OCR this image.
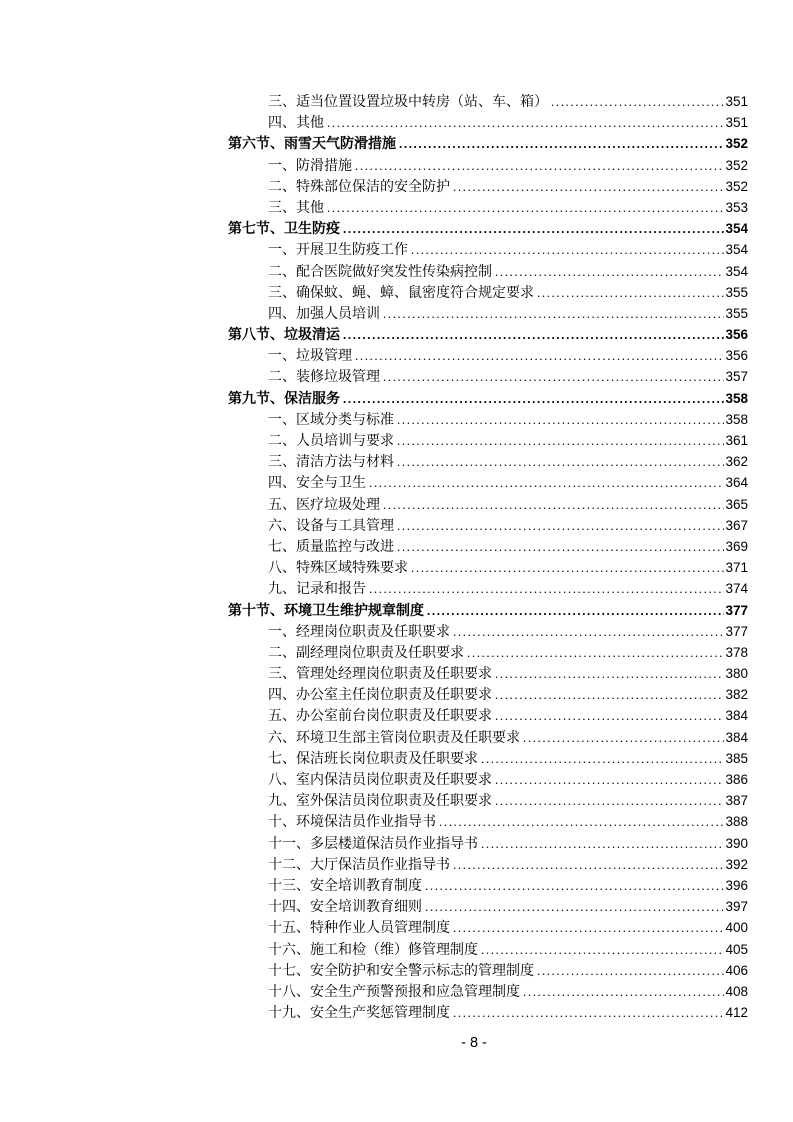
三、适当位置设置垃圾中转房（站、车、箱） .....	351
四、其他 .....	351
第六节、雨雪天气防滑措施 .....	352
一、防滑措施 .....	352
二、特殊部位保洁的安全防护 .....	352
三、其他 .....	353
第七节、卫生防疫 .....	354
一、开展卫生防疫工作 .....	354
二、配合医院做好突发性传染病控制 .....	354
三、确保蚊、蝇、蟑、鼠密度符合规定要求 .....	355
四、加强人员培训 .....	355
第八节、垃圾清运 .....	356
一、垃圾管理 .....	356
二、装修垃圾管理 .....	357
第九节、保洁服务 .....	358
一、区域分类与标准 .....	358
二、人员培训与要求 .....	361
三、清洁方法与材料 .....	362
四、安全与卫生 .....	364
五、医疗垃圾处理 .....	365
六、设备与工具管理 .....	367
七、质量监控与改进 .....	369
八、特殊区域特殊要求 .....	371
九、记录和报告 .....	374
第十节、环境卫生维护规章制度 .....	377
一、经理岗位职责及任职要求 .....	377
二、副经理岗位职责及任职要求 .....	378
三、管理处经理岗位职责及任职要求 .....	380
四、办公室主任岗位职责及任职要求 .....	382
五、办公室前台岗位职责及任职要求 .....	384
六、环境卫生部主管岗位职责及任职要求 .....	384
七、保洁班长岗位职责及任职要求 .....	385
八、室内保洁员岗位职责及任职要求 .....	386
九、室外保洁员岗位职责及任职要求 .....	387
十、环境保洁员作业指导书 .....	388
十一、多层楼道保洁员作业指导书 .....	390
十二、大厅保洁员作业指导书 .....	392
十三、安全培训教育制度 .....	396
十四、安全培训教育细则 .....	397
十五、特种作业人员管理制度 .....	400
十六、施工和检（维）修管理制度 .....	405
十七、安全防护和安全警示标志的管理制度 .....	406
十八、安全生产预警预报和应急管理制度 .....	408
十九、安全生产奖惩管理制度 .....	412
- 8 -
